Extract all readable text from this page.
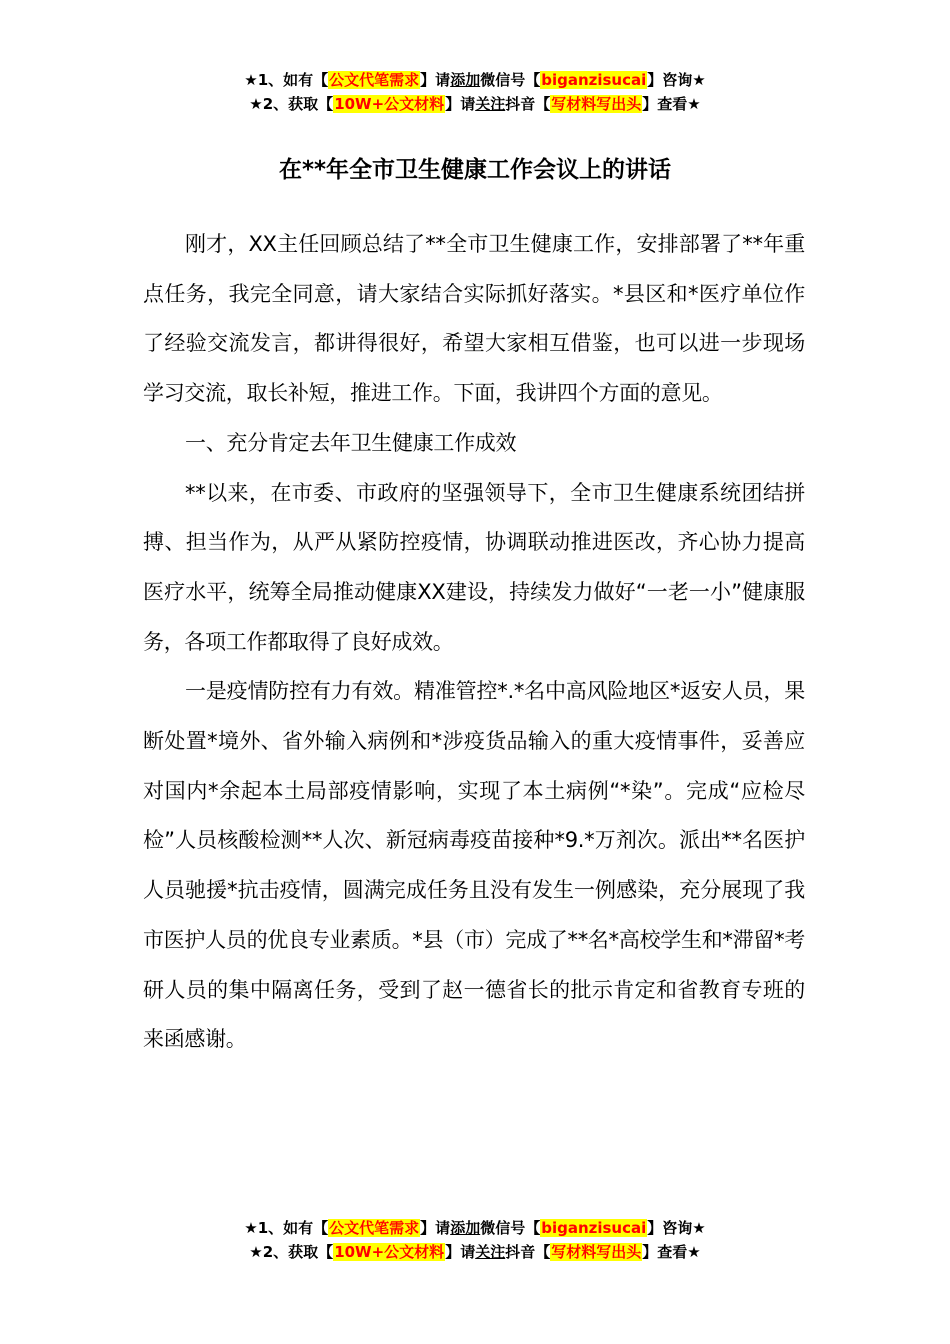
★1、如有【公文代笔需求】请添加微信号【biganzisucai】咨询★
★2、获取【10W+公文材料】请关注抖音【写材料写出头】查看★
在**年全市卫生健康工作会议上的讲话

刚才，XX主任回顾总结了**全市卫生健康工作，安排部署了**年重点任务，我完全同意，请大家结合实际抓好落实。*县区和*医疗单位作了经验交流发言，都讲得很好，希望大家相互借鉴，也可以进一步现场学习交流，取长补短，推进工作。下面，我讲四个方面的意见。

一、充分肯定去年卫生健康工作成效

**以来，在市委、市政府的坚强领导下，全市卫生健康系统团结拼搏、担当作为，从严从紧防控疫情，协调联动推进医改，齐心协力提高医疗水平，统筹全局推动健康XX建设，持续发力做好“一老一小”健康服务，各项工作都取得了良好成效。

一是疫情防控有力有效。精准管控*.*名中高风险地区*返安人员，果断处置*境外、省外输入病例和*涉疫货品输入的重大疫情事件，妥善应对国内*余起本土局部疫情影响，实现了本土病例“*染”。完成“应检尽检”人员核酸检测**人次、新冠病毒疫苗接种*9.*万剂次。派出**名医护人员驰援*抗击疫情，圆满完成任务且没有发生一例感染，充分展现了我市医护人员的优良专业素质。*县（市）完成了**名*高校学生和*滞留*考研人员的集中隔离任务，受到了赵一德省长的批示肯定和省教育专班的来函感谢。

★1、如有【公文代笔需求】请添加微信号【biganzisucai】咨询★
★2、获取【10W+公文材料】请关注抖音【写材料写出头】查看★
